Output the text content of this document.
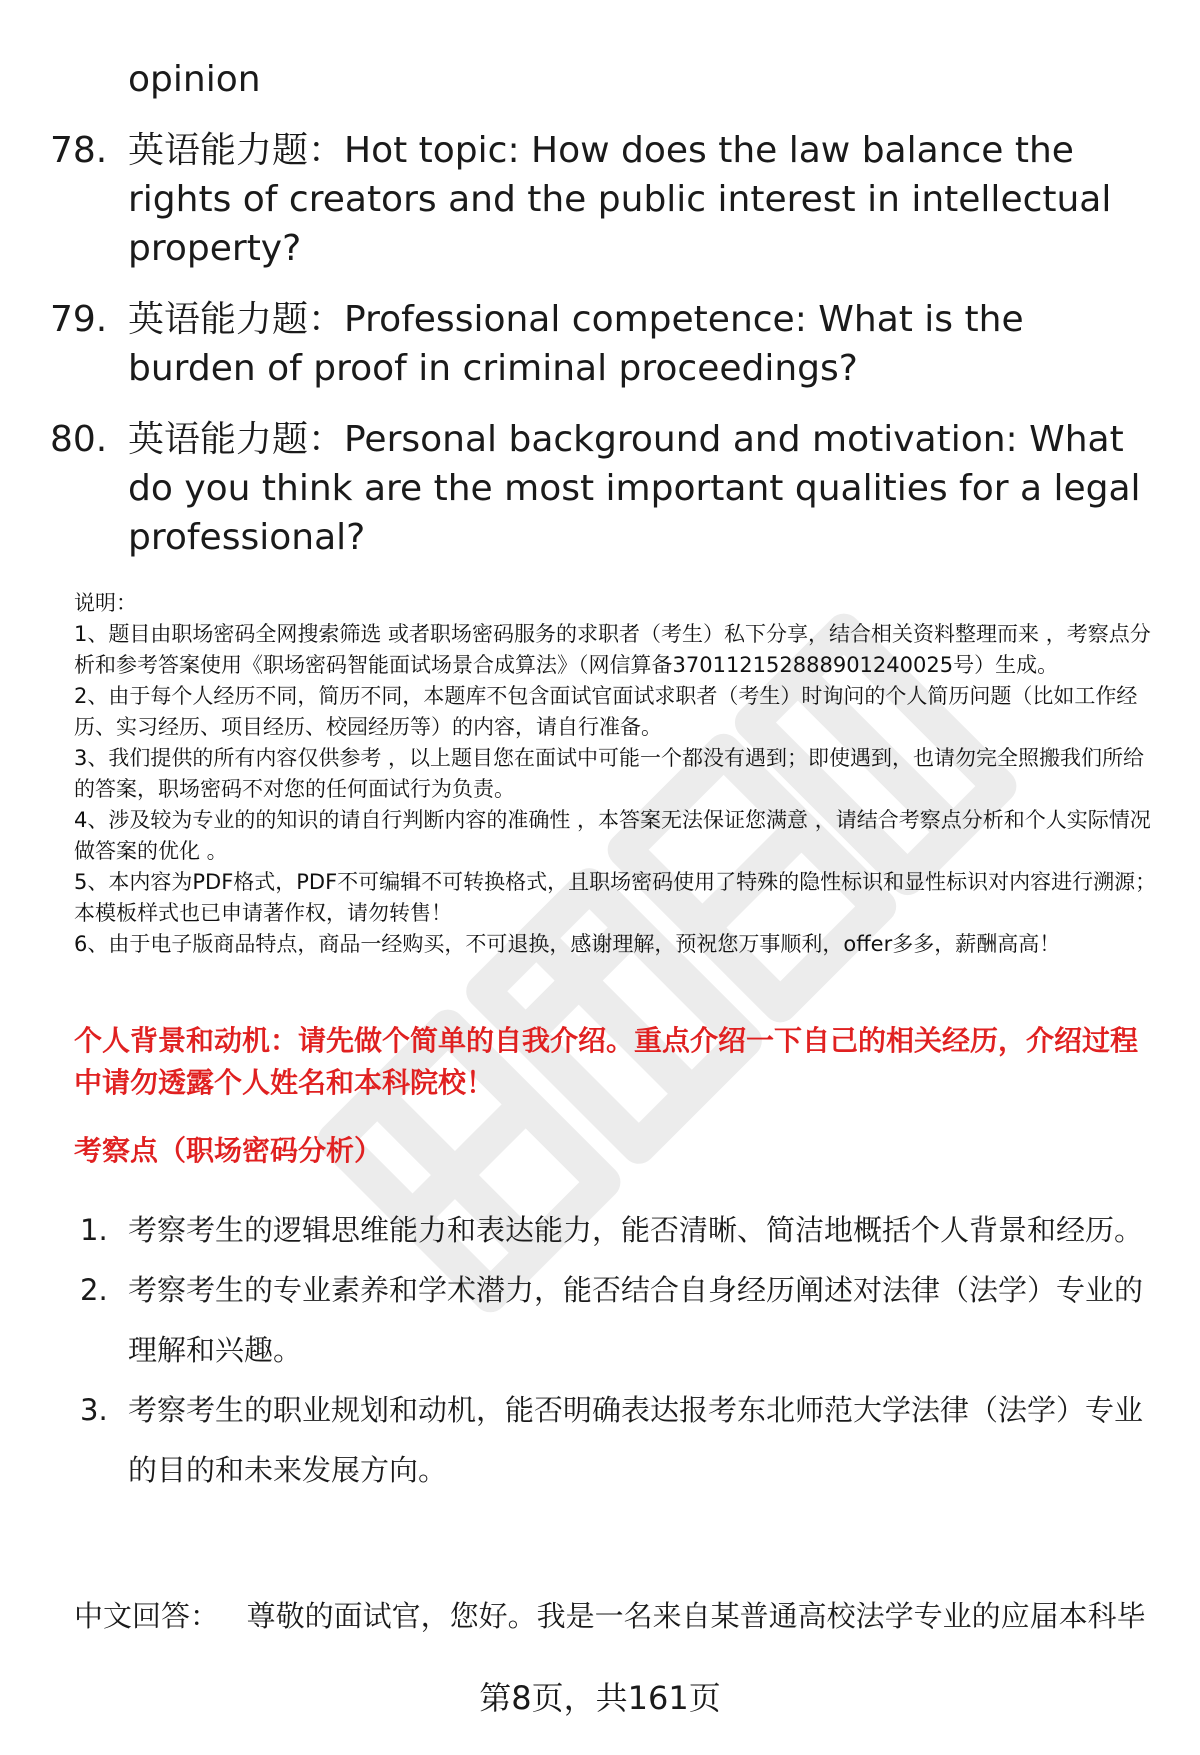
opinion
78. 英语能力题：Hot topic: How does the law balance the rights of creators and the public interest in intellectual property?
79. 英语能力题：Professional competence: What is the burden of proof in criminal proceedings?
80. 英语能力题：Personal background and motivation: What do you think are the most important qualities for a legal professional?

说明：

1、题目由职场密码全网搜索筛选 或者职场密码服务的求职者（考生）私下分享，结合相关资料整理而来 ，考察点分析和参考答案使用《职场密码智能面试场景合成算法》（网信算备370112152888901240025号）生成。

2、由于每个人经历不同，简历不同，本题库不包含面试官面试求职者（考生）时询问的个人简历问题（比如工作经历、实习经历、项目经历、校园经历等）的内容，请自行准备。

3、我们提供的所有内容仅供参考 ，以上题目您在面试中可能一个都没有遇到；即使遇到，也请勿完全照搬我们所给的答案，职场密码不对您的任何面试行为负责。

4、涉及较为专业的的知识的请自行判断内容的准确性 ，本答案无法保证您满意 ，请结合考察点分析和个人实际情况做答案的优化 。

5、本内容为PDF格式，PDF不可编辑不可转换格式，且职场密码使用了特殊的隐性标识和显性标识对内容进行溯源；本模板样式也已申请著作权，请勿转售！

6、由于电子版商品特点，商品一经购买，不可退换，感谢理解，预祝您万事顺利，offer多多，薪酬高高！

个人背景和动机：请先做个简单的自我介绍。重点介绍一下自己的相关经历，介绍过程中请勿透露个人姓名和本科院校！

考察点（职场密码分析）

1. 考察考生的逻辑思维能力和表达能力，能否清晰、简洁地概括个人背景和经历。
2. 考察考生的专业素养和学术潜力，能否结合自身经历阐述对法律（法学）专业的理解和兴趣。
3. 考察考生的职业规划和动机，能否明确表达报考东北师范大学法律（法学）专业的目的和未来发展方向。

中文回答： 尊敬的面试官，您好。我是一名来自某普通高校法学专业的应届本科毕

第8页，共161页
